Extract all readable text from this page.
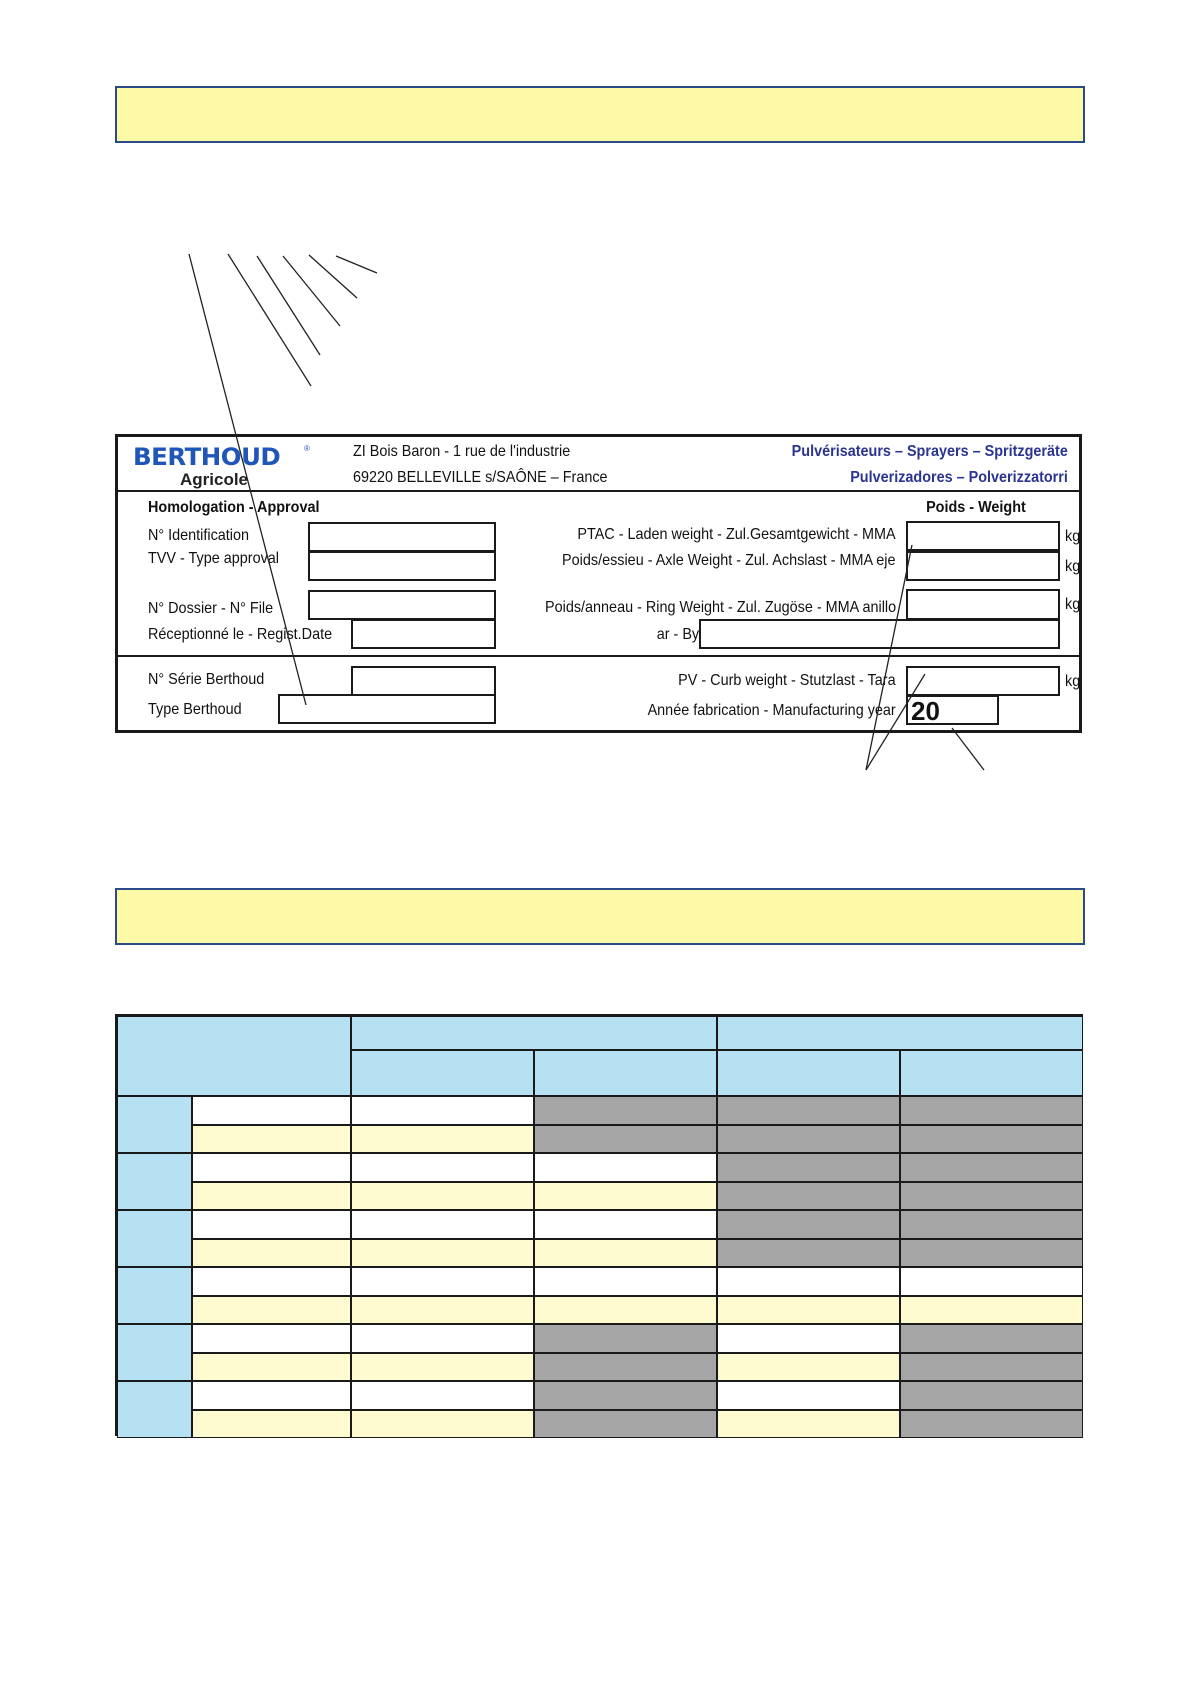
BERTHOUD	®
Agricole
ZI Bois Baron - 1 rue de l'industrie
69220 BELLEVILLE s/SAÔNE – France
Pulvérisateurs – Sprayers – Spritzgeräte
Pulverizadores – Polverizzatorri
Homologation - Approval
N° Identification
TVV - Type approval
N° Dossier - N° File
Réceptionné le - Regist.Date
Poids - Weight
PTAC - Laden weight - Zul.Gesamtgewicht - MMA
Poids/essieu - Axle Weight - Zul. Achslast - MMA eje
Poids/anneau - Ring Weight - Zul. Zugöse - MMA anillo
ar - By
kg
kg
kg
N° Série Berthoud
Type Berthoud
PV - Curb weight - Stutzlast - Tara
Année fabrication - Manufacturing year
kg
20
